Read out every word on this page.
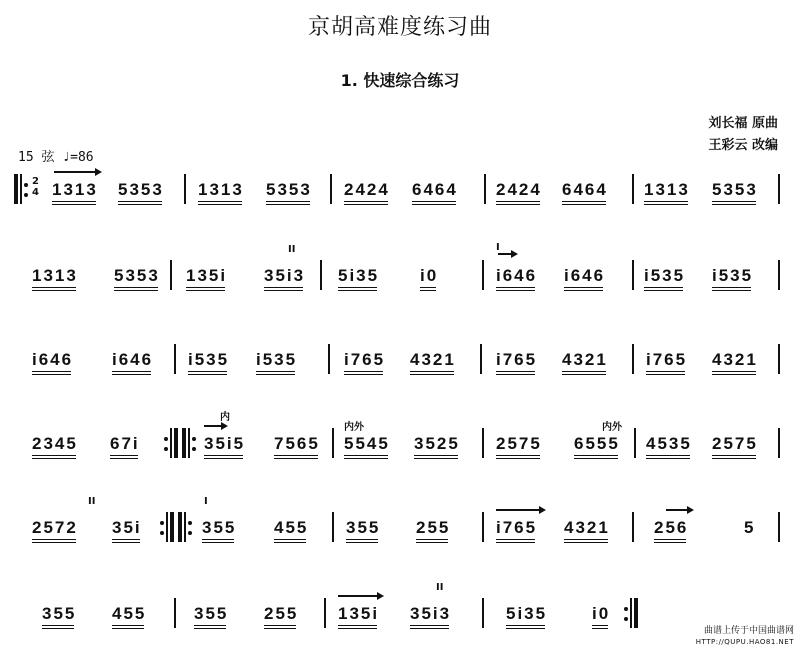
京胡高难度练习曲
1. 快速综合练习
刘长福 原曲
王彩云 改编
15 弦 ♩=86
2
4 1313 5353 1313 5353 2424 6464 2424 6464 1313 5353
1313 5353 135i
II
35i3 5i35 i0
I
i646 i646 i535 i535
i646 i646 i535 i535	i765 4321 i765 4321 i765 4321
2345 67i
内
35i5 7565
内外
5545 3525 2575
内外
6555 4535 2575
II
2572 35i
I
355 455 355 255	i765 4321	256	5
355 455	355 255 135i
II
35i3	5i35	i0
曲谱上传于中国曲谱网
HTTP://QUPU.HAO81.NET
